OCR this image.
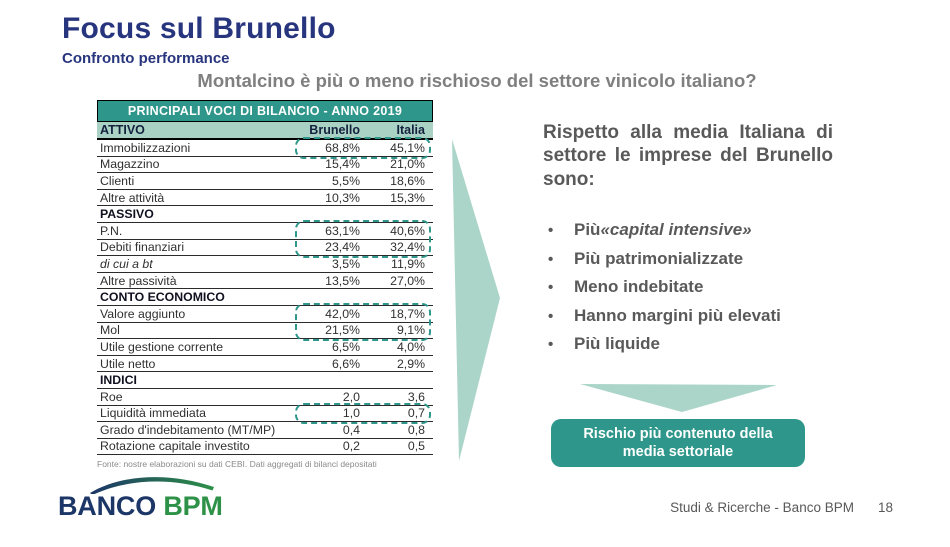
Focus sul Brunello
Confronto performance
Montalcino è più o meno rischioso del settore vinicolo italiano?
PRINCIPALI VOCI DI BILANCIO - ANNO 2019
ATTIVO	Brunello	Italia
Immobilizzazioni	68,8%	45,1%
Magazzino	15,4%	21,0%
Clienti	5,5%	18,6%
Altre attività	10,3%	15,3%
PASSIVO
P.N.	63,1%	40,6%
Debiti finanziari	23,4%	32,4%
di cui a bt	3,5%	11,9%
Altre passività	13,5%	27,0%
CONTO ECONOMICO
Valore aggiunto	42,0%	18,7%
Mol	21,5%	9,1%
Utile gestione corrente	6,5%	4,0%
Utile netto	6,6%	2,9%
INDICI
Roe	2,0	3,6
Liquidità immediata	1,0	0,7
Grado d'indebitamento (MT/MP)	0,4	0,8
Rotazione capitale investito	0,2	0,5
Fonte: nostre elaborazioni su dati CEBI. Dati aggregati di bilanci depositati
Rispetto alla media Italiana di settore le imprese del Brunello sono:
•	Più «capital intensive»
•	Più patrimonializzate
•	Meno indebitate
•	Hanno margini più elevati
•	Più liquide
Rischio più contenuto della media settoriale
BANCO BPM	Studi & Ricerche - Banco BPM 18
